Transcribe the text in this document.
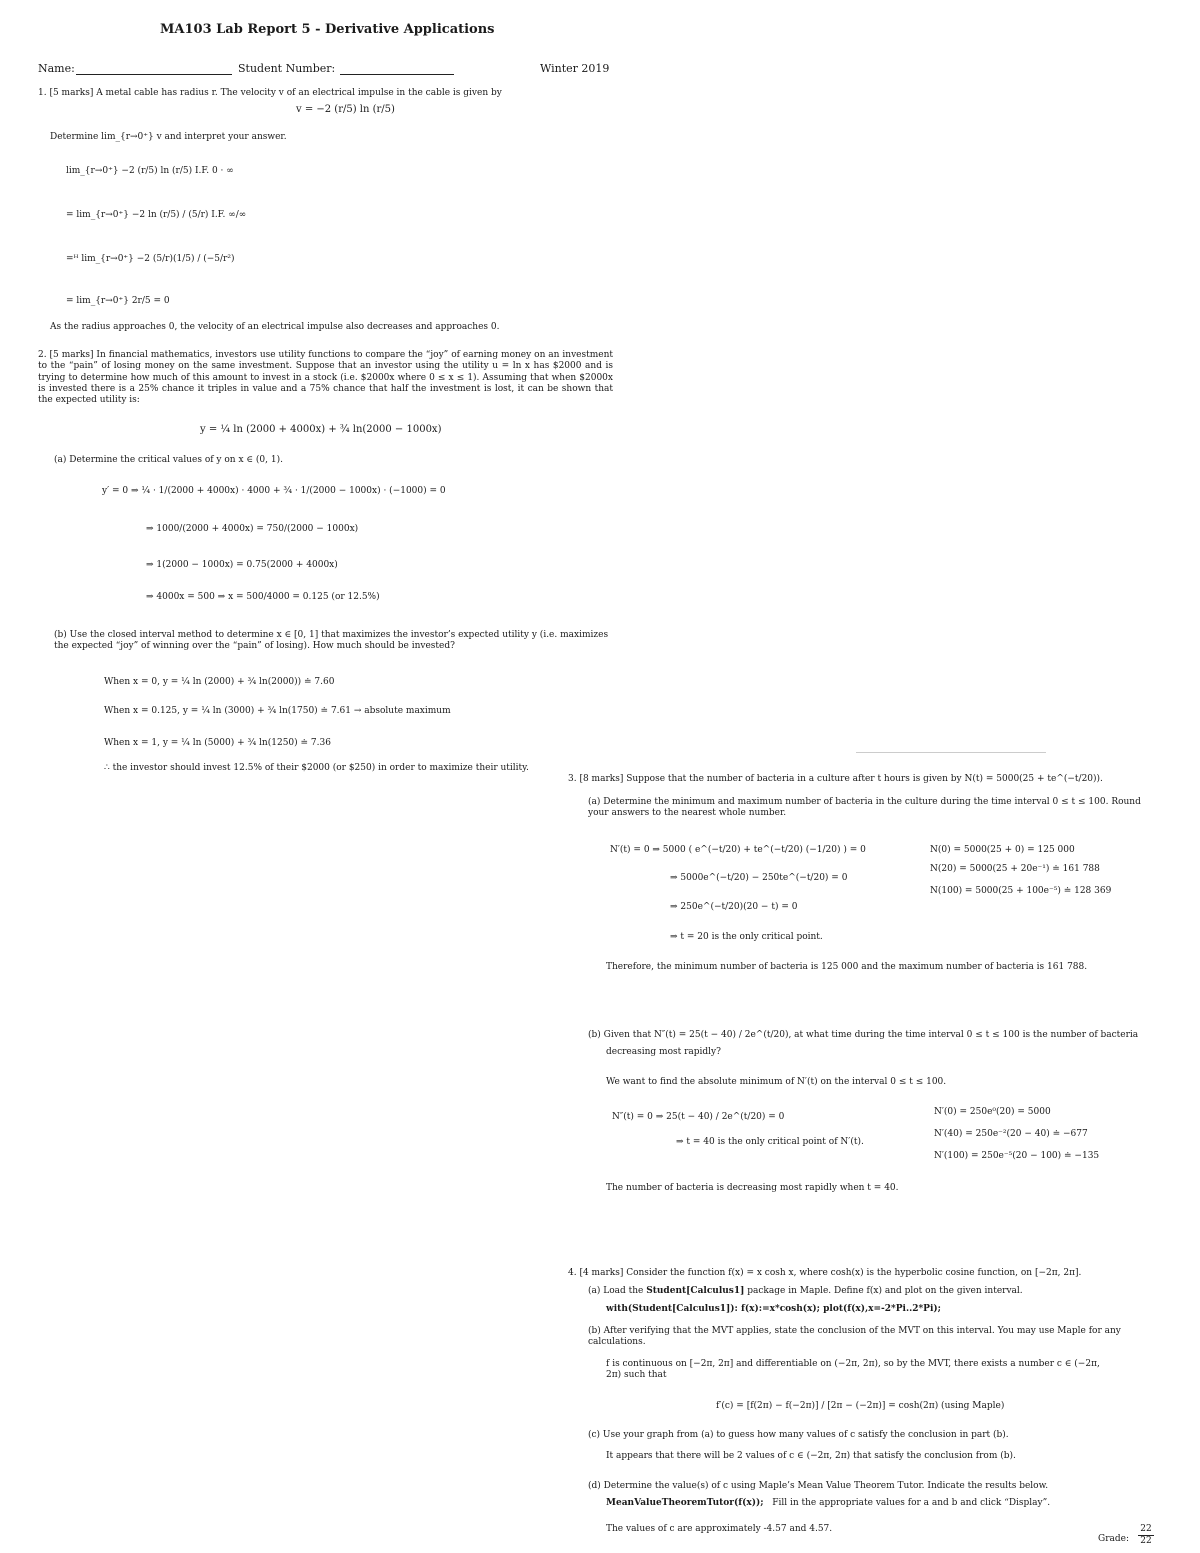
MA103 Lab Report 5 - Derivative Applications
Name:	Student Number:	Winter 2019
1. [5 marks] A metal cable has radius r. The velocity v of an electrical impulse in the cable is given by
v = −2 (r/5) ln (r/5)
Determine lim_{r→0⁺} v and interpret your answer.
lim_{r→0⁺} −2 (r/5) ln (r/5) I.F. 0 · ∞
= lim_{r→0⁺} −2 ln (r/5) / (5/r) I.F. ∞/∞
=ᴴ lim_{r→0⁺} −2 (5/r)(1/5) / (−5/r²)
= lim_{r→0⁺} 2r/5 = 0
As the radius approaches 0, the velocity of an electrical impulse also decreases and approaches 0.
2. [5 marks] In financial mathematics, investors use utility functions to compare the “joy” of earning money on an investment to the “pain” of losing money on the same investment. Suppose that an investor using the utility u = ln x has $2000 and is trying to determine how much of this amount to invest in a stock (i.e. $2000x where 0 ≤ x ≤ 1). Assuming that when $2000x is invested there is a 25% chance it triples in value and a 75% chance that half the investment is lost, it can be shown that the expected utility is:
y = ¼ ln (2000 + 4000x) + ¾ ln(2000 − 1000x)
(a) Determine the critical values of y on x ∈ (0, 1).
y′ = 0 ⇒ ¼ · 1/(2000 + 4000x) · 4000 + ¾ · 1/(2000 − 1000x) · (−1000) = 0
⇒ 1000/(2000 + 4000x) = 750/(2000 − 1000x)
⇒ 1(2000 − 1000x) = 0.75(2000 + 4000x)
⇒ 4000x = 500 ⇒ x = 500/4000 = 0.125 (or 12.5%)
(b) Use the closed interval method to determine x ∈ [0, 1] that maximizes the investor’s expected utility y (i.e. maximizes the expected “joy” of winning over the “pain” of losing). How much should be invested?
When x = 0, y = ¼ ln (2000) + ¾ ln(2000)) ≐ 7.60
When x = 0.125, y = ¼ ln (3000) + ¾ ln(1750) ≐ 7.61 → absolute maximum
When x = 1, y = ¼ ln (5000) + ¾ ln(1250) ≐ 7.36
∴ the investor should invest 12.5% of their $2000 (or $250) in order to maximize their utility.
3. [8 marks] Suppose that the number of bacteria in a culture after t hours is given by N(t) = 5000(25 + te^(−t/20)).
(a) Determine the minimum and maximum number of bacteria in the culture during the time interval 0 ≤ t ≤ 100. Round your answers to the nearest whole number.
N′(t) = 0 ⇒ 5000 ( e^(−t/20) + te^(−t/20) (−1/20) ) = 0
⇒ 5000e^(−t/20) − 250te^(−t/20) = 0
⇒ 250e^(−t/20)(20 − t) = 0
⇒ t = 20 is the only critical point.
N(0) = 5000(25 + 0) = 125 000
N(20) = 5000(25 + 20e⁻¹) ≐ 161 788
N(100) = 5000(25 + 100e⁻⁵) ≐ 128 369
Therefore, the minimum number of bacteria is 125 000 and the maximum number of bacteria is 161 788.
(b) Given that N″(t) = 25(t − 40) / 2e^(t/20), at what time during the time interval 0 ≤ t ≤ 100 is the number of bacteria
decreasing most rapidly?
We want to find the absolute minimum of N′(t) on the interval 0 ≤ t ≤ 100.
N″(t) = 0 ⇒ 25(t − 40) / 2e^(t/20) = 0
⇒ t = 40 is the only critical point of N′(t).
N′(0) = 250e⁰(20) = 5000
N′(40) = 250e⁻²(20 − 40) ≐ −677
N′(100) = 250e⁻⁵(20 − 100) ≐ −135
The number of bacteria is decreasing most rapidly when t = 40.
4. [4 marks] Consider the function f(x) = x cosh x, where cosh(x) is the hyperbolic cosine function, on [−2π, 2π].
(a) Load the Student[Calculus1] package in Maple. Define f(x) and plot on the given interval.
with(Student[Calculus1]): f(x):=x*cosh(x); plot(f(x),x=-2*Pi..2*Pi);
(b) After verifying that the MVT applies, state the conclusion of the MVT on this interval. You may use Maple for any calculations.
f is continuous on [−2π, 2π] and differentiable on (−2π, 2π), so by the MVT, there exists a number c ∈ (−2π, 2π) such that
f′(c) = [f(2π) − f(−2π)] / [2π − (−2π)] = cosh(2π) (using Maple)
(c) Use your graph from (a) to guess how many values of c satisfy the conclusion in part (b).
It appears that there will be 2 values of c ∈ (−2π, 2π) that satisfy the conclusion from (b).
(d) Determine the value(s) of c using Maple’s Mean Value Theorem Tutor. Indicate the results below.
MeanValueTheoremTutor(f(x)); Fill in the appropriate values for a and b and click “Display”.
The values of c are approximately -4.57 and 4.57.
Grade: $\frac{22}{22}$
